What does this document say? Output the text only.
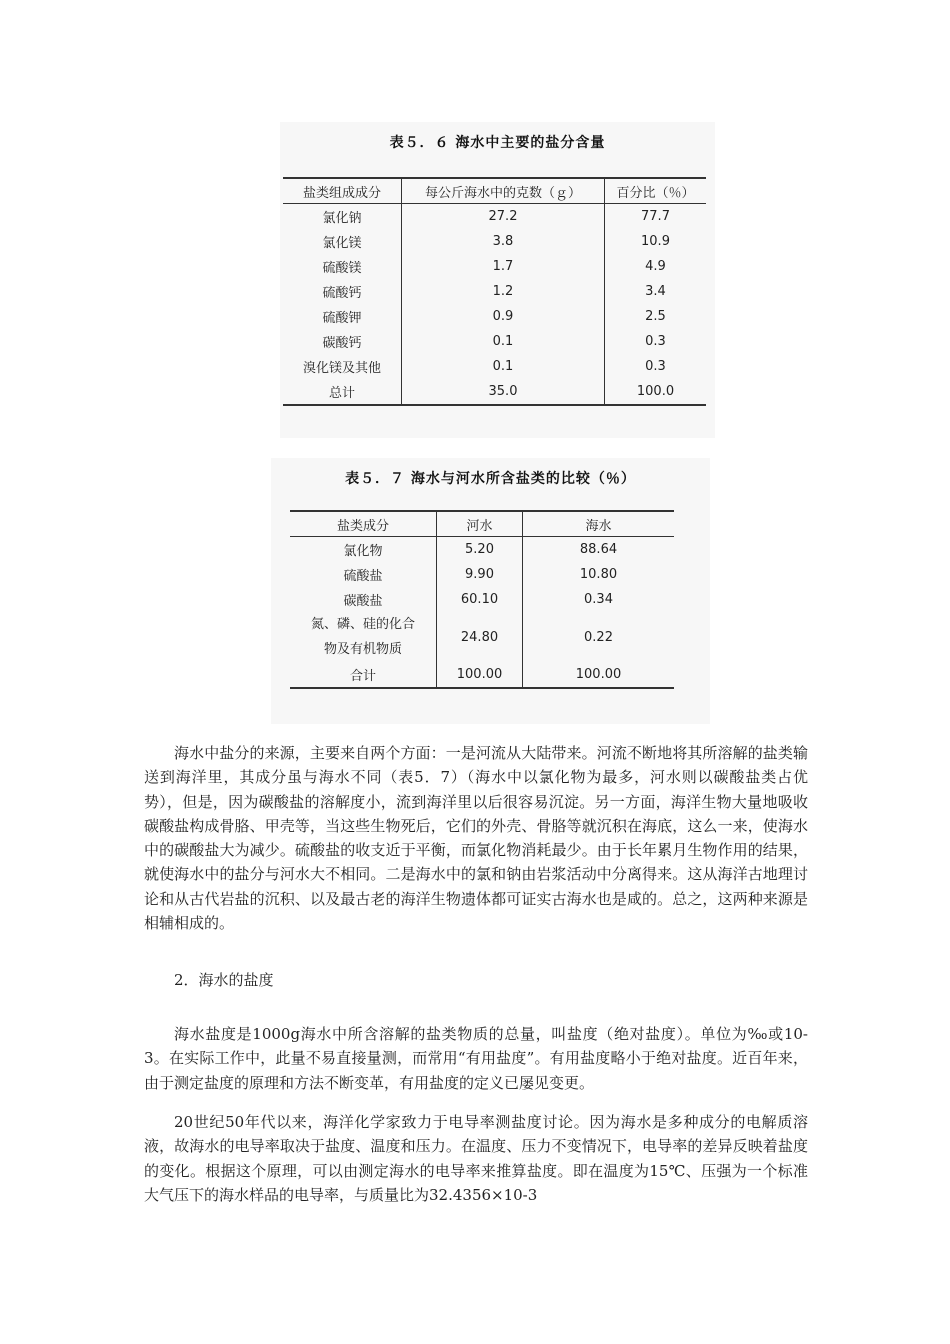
表５．６ 海水中主要的盐分含量
盐类组成成分	每公斤海水中的克数（ｇ）	百分比（％）
氯化钠	27.2	77.7
氯化镁	3.8	10.9
硫酸镁	1.7	4.9
硫酸钙	1.2	3.4
硫酸钾	0.9	2.5
碳酸钙	0.1	0.3
溴化镁及其他	0.1	0.3
总计	35.0	100.0
表５．７ 海水与河水所含盐类的比较（％）
盐类成分	河水	海水
氯化物	5.20	88.64
硫酸盐	9.90	10.80
碳酸盐	60.10	0.34

氮、磷、硅的化合
物及有机物质	24.80	0.22
合计	100.00	100.00

海水中盐分的来源，主要来自两个方面：一是河流从大陆带来。河流不断地将其所溶解的盐类输送到海洋里，其成分虽与海水不同（表5．7）（海水中以氯化物为最多，河水则以碳酸盐类占优势），但是，因为碳酸盐的溶解度小，流到海洋里以后很容易沉淀。另一方面，海洋生物大量地吸收碳酸盐构成骨胳、甲壳等，当这些生物死后，它们的外壳、骨胳等就沉积在海底，这么一来，使海水中的碳酸盐大为减少。硫酸盐的收支近于平衡，而氯化物消耗最少。由于长年累月生物作用的结果，就使海水中的盐分与河水大不相同。二是海水中的氯和钠由岩浆活动中分离得来。这从海洋古地理讨论和从古代岩盐的沉积、以及最古老的海洋生物遗体都可证实古海水也是咸的。总之，这两种来源是相辅相成的。

2．海水的盐度

海水盐度是1000g海水中所含溶解的盐类物质的总量，叫盐度（绝对盐度）。单位为‰或10-3。在实际工作中，此量不易直接量测，而常用“有用盐度”。有用盐度略小于绝对盐度。近百年来，由于测定盐度的原理和方法不断变革，有用盐度的定义已屡见变更。

20世纪50年代以来，海洋化学家致力于电导率测盐度讨论。因为海水是多种成分的电解质溶液，故海水的电导率取决于盐度、温度和压力。在温度、压力不变情况下，电导率的差异反映着盐度的变化。根据这个原理，可以由测定海水的电导率来推算盐度。即在温度为15℃、压强为一个标准大气压下的海水样品的电导率，与质量比为32.4356×10-3
